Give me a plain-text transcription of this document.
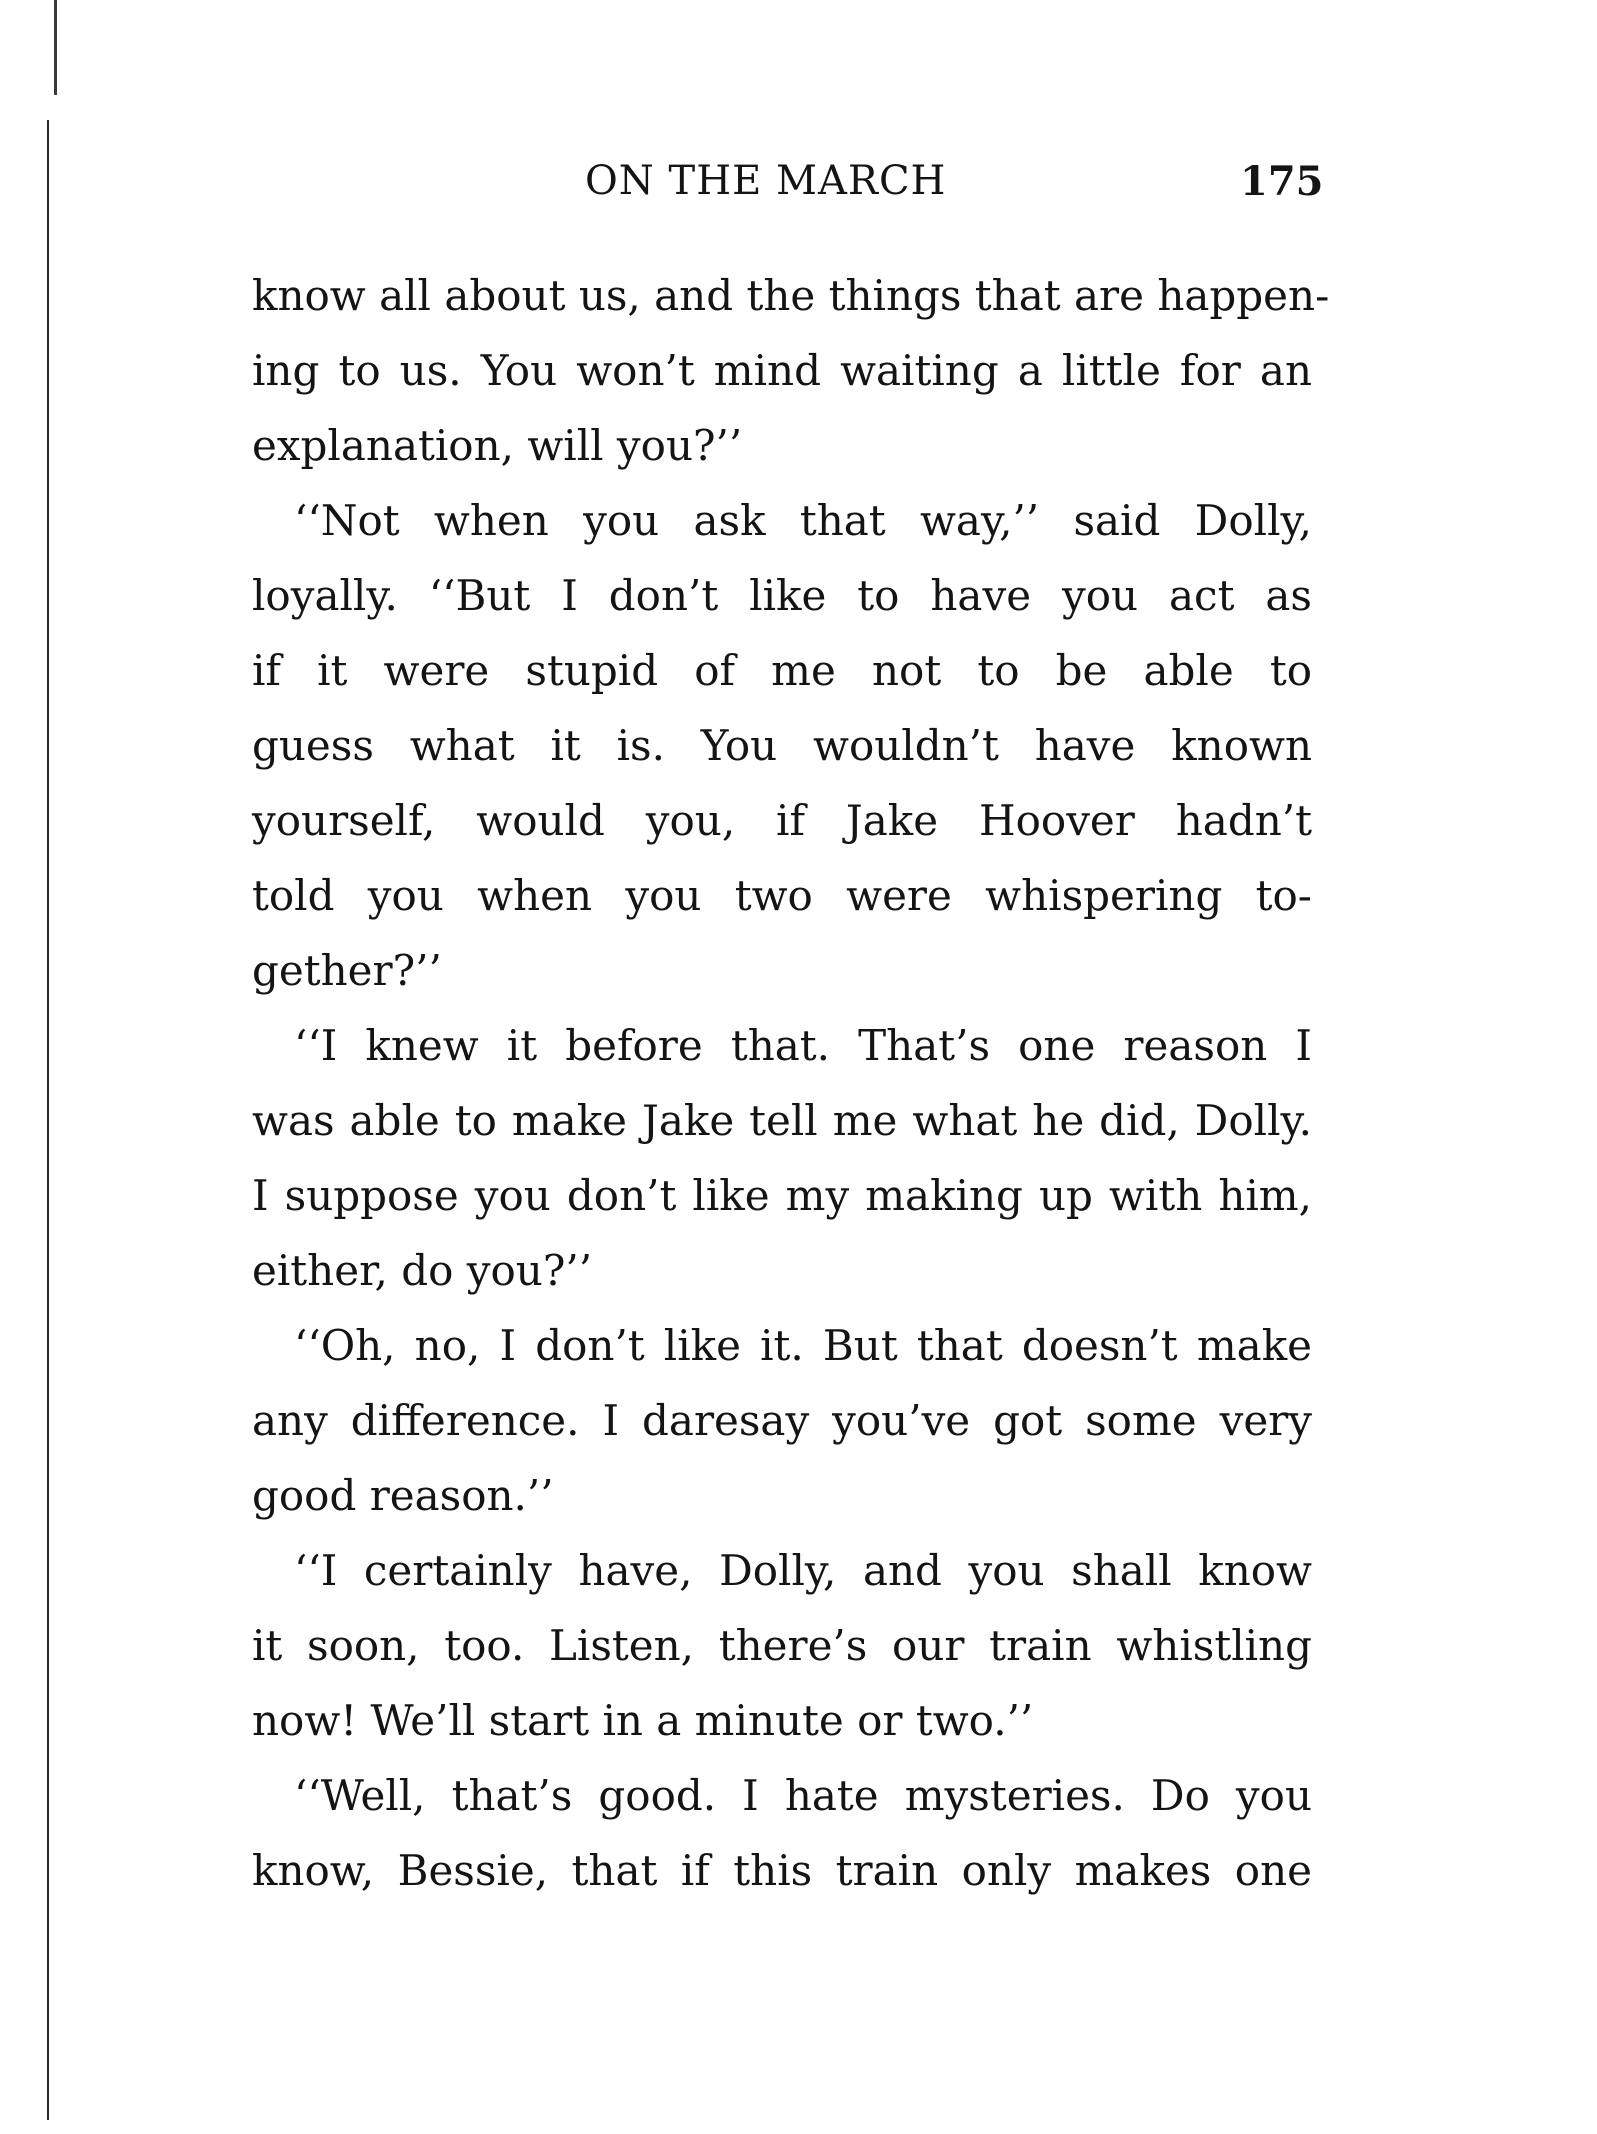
ON THE MARCH	175
know all about us, and the things that are happen-
ing to us. You won’t mind waiting a little for an
explanation, will you?’’
‘‘Not when you ask that way,’’ said Dolly,
loyally. ‘‘But I don’t like to have you act as
if it were stupid of me not to be able to
guess what it is. You wouldn’t have known
yourself, would you, if Jake Hoover hadn’t
told you when you two were whispering to-
gether?’’
‘‘I knew it before that. That’s one reason I
was able to make Jake tell me what he did, Dolly.
I suppose you don’t like my making up with him,
either, do you?’’
‘‘Oh, no, I don’t like it. But that doesn’t make
any difference. I daresay you’ve got some very
good reason.’’
‘‘I certainly have, Dolly, and you shall know
it soon, too. Listen, there’s our train whistling
now! We’ll start in a minute or two.’’
‘‘Well, that’s good. I hate mysteries. Do you
know, Bessie, that if this train only makes one
